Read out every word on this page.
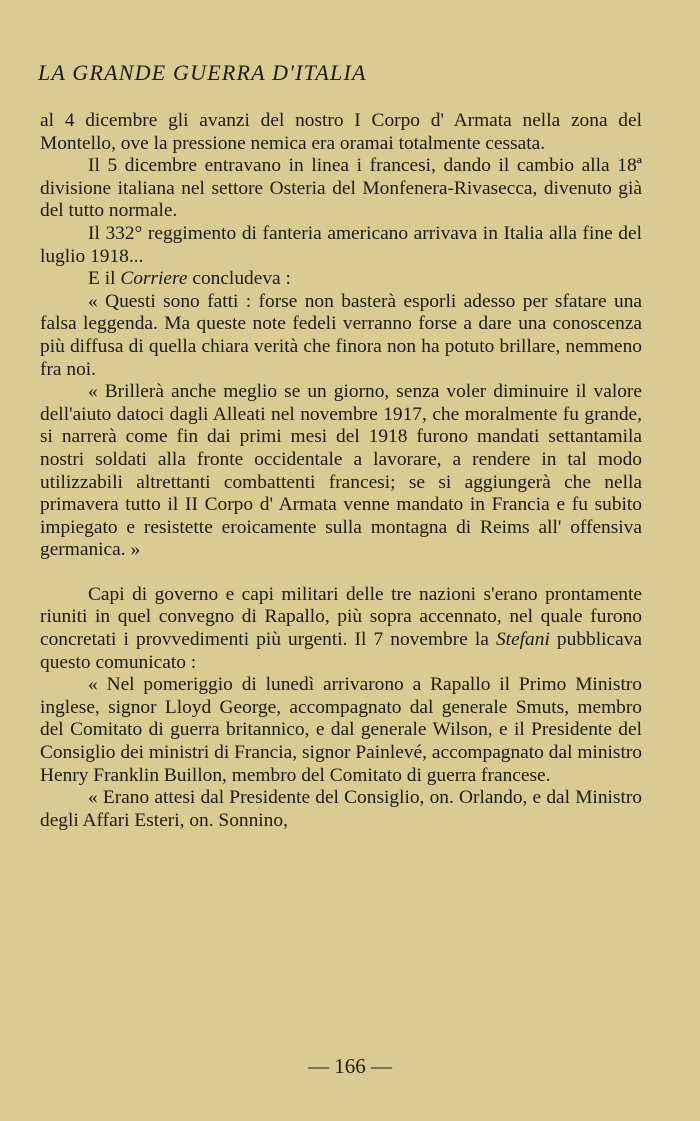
LA GRANDE GUERRA D'ITALIA

al 4 dicembre gli avanzi del nostro I Corpo d' Armata nella zona del Montello, ove la pressione nemica era oramai totalmente cessata.

Il 5 dicembre entravano in linea i francesi, dando il cambio alla 18ª divisione italiana nel settore Osteria del Monfenera-Rivasecca, divenuto già del tutto normale.

Il 332° reggimento di fanteria americano arrivava in Italia alla fine del luglio 1918...

E il Corriere concludeva :

« Questi sono fatti : forse non basterà esporli adesso per sfatare una falsa leggenda. Ma queste note fedeli verranno forse a dare una conoscenza più diffusa di quella chiara verità che finora non ha potuto brillare, nemmeno fra noi.

« Brillerà anche meglio se un giorno, senza voler diminuire il valore dell'aiuto datoci dagli Alleati nel novembre 1917, che moralmente fu grande, si narrerà come fin dai primi mesi del 1918 furono mandati settantamila nostri soldati alla fronte occidentale a lavorare, a rendere in tal modo utilizzabili altrettanti combattenti francesi; se si aggiungerà che nella primavera tutto il II Corpo d' Armata venne mandato in Francia e fu subito impiegato e resistette eroicamente sulla montagna di Reims all' offensiva germanica. »

Capi di governo e capi militari delle tre nazioni s'erano prontamente riuniti in quel convegno di Rapallo, più sopra accennato, nel quale furono concretati i provvedimenti più urgenti. Il 7 novembre la Stefani pubblicava questo comunicato :

« Nel pomeriggio di lunedì arrivarono a Rapallo il Primo Ministro inglese, signor Lloyd George, accompagnato dal generale Smuts, membro del Comitato di guerra britannico, e dal generale Wilson, e il Presidente del Consiglio dei ministri di Francia, signor Painlevé, accompagnato dal ministro Henry Franklin Buillon, membro del Comitato di guerra francese.

« Erano attesi dal Presidente del Consiglio, on. Orlando, e dal Ministro degli Affari Esteri, on. Sonnino,

— 166 —
